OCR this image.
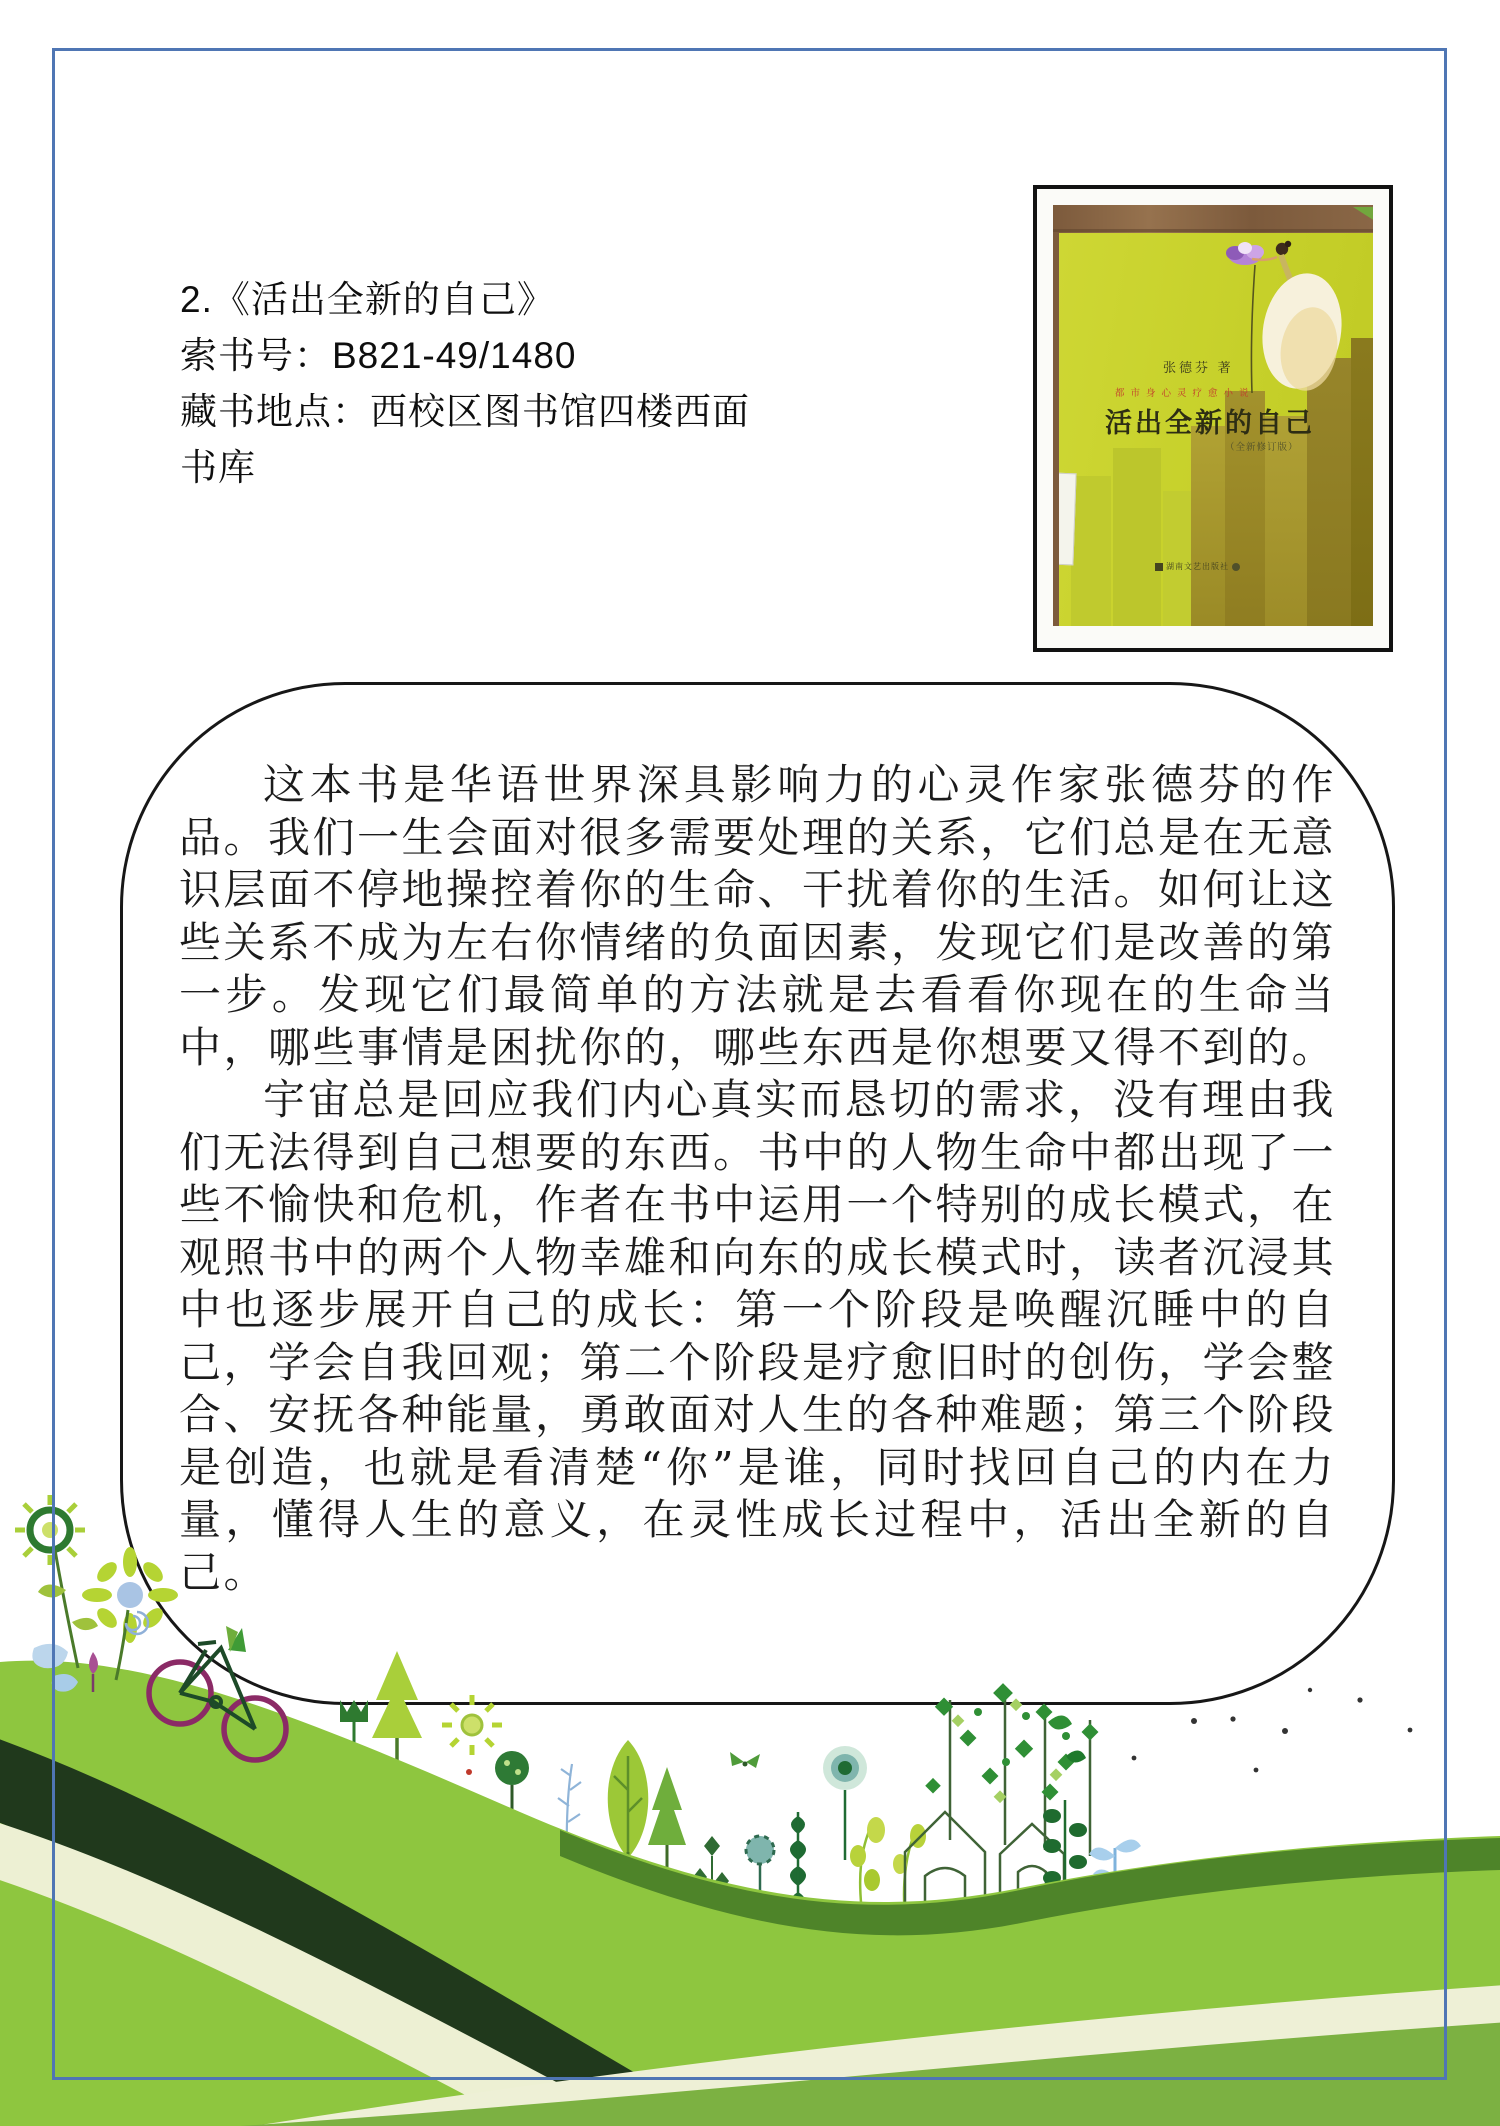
2.《活出全新的自己》
索书号：B821-49/1480
藏书地点：西校区图书馆四楼西面
书库
张德芬 著
都市身心灵疗愈小说
活出全新的自己
（全新修订版）
湖南文艺出版社

这本书是华语世界深具影响力的心灵作家张德芬的作品。我们一生会面对很多需要处理的关系，它们总是在无意识层面不停地操控着你的生命、干扰着你的生活。如何让这些关系不成为左右你情绪的负面因素，发现它们是改善的第一步。发现它们最简单的方法就是去看看你现在的生命当中，哪些事情是困扰你的，哪些东西是你想要又得不到的。

宇宙总是回应我们内心真实而恳切的需求，没有理由我们无法得到自己想要的东西。书中的人物生命中都出现了一些不愉快和危机，作者在书中运用一个特别的成长模式，在观照书中的两个人物幸雄和向东的成长模式时，读者沉浸其中也逐步展开自己的成长：第一个阶段是唤醒沉睡中的自己，学会自我回观；第二个阶段是疗愈旧时的创伤，学会整合、安抚各种能量，勇敢面对人生的各种难题；第三个阶段是创造，也就是看清楚“你”是谁，同时找回自己的内在力量，懂得人生的意义，在灵性成长过程中，活出全新的自己。
